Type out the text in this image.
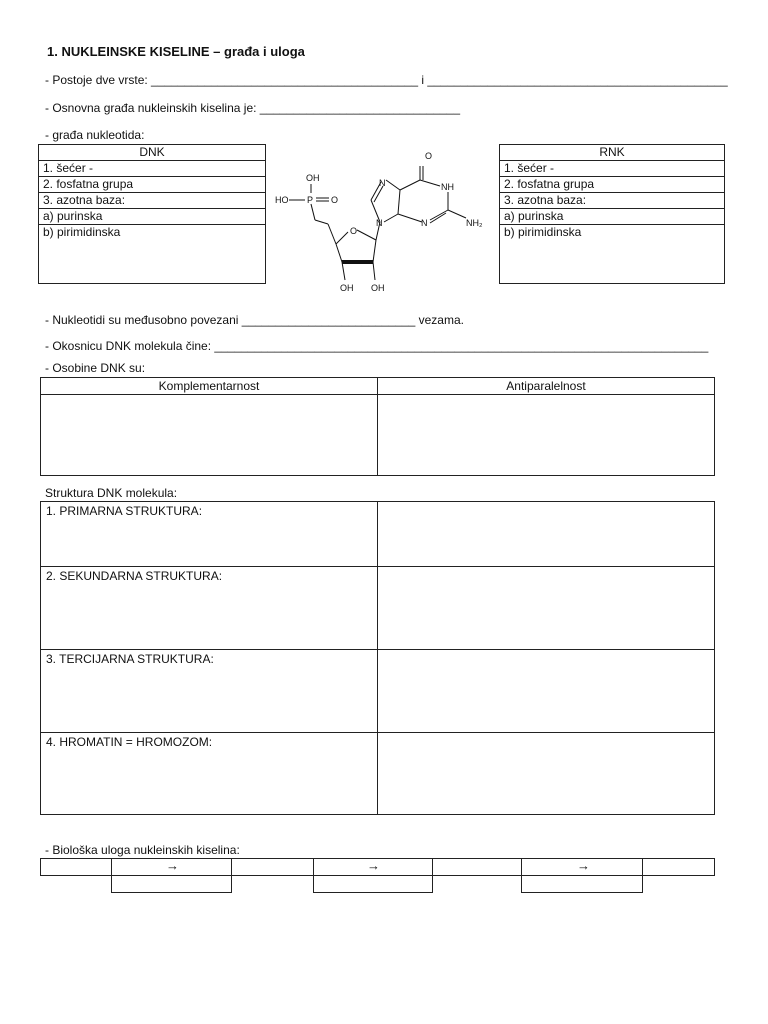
1. NUKLEINSKE KISELINE – građa i uloga
- Postoje dve vrste: ________________________________________ i _____________________________________________
- Osnovna građa nukleinskih kiselina je: ______________________________
- građa nukleotida:
DNK
1. šećer -
2. fosfatna grupa
3. azotna baza:
a) purinska
b) pirimidinska
RNK
1. šećer -
2. fosfatna grupa
3. azotna baza:
a) purinska
b) pirimidinska
OH
HO P O
O
O
N
N
NH
N	NH₂
OH OH
- Nukleotidi su međusobno povezani __________________________ vezama.
- Okosnicu DNK molekula čine: __________________________________________________________________________
- Osobine DNK su:
Komplementarnost	Antiparalelnost

Struktura DNK molekula:
1. PRIMARNA STRUKTURA:	
2. SEKUNDARNA STRUKTURA:	
3. TERCIJARNA STRUKTURA:	
4. HROMATIN = HROMOZOM:	
- Biološka uloga nukleinskih kiselina:
→	→	→
